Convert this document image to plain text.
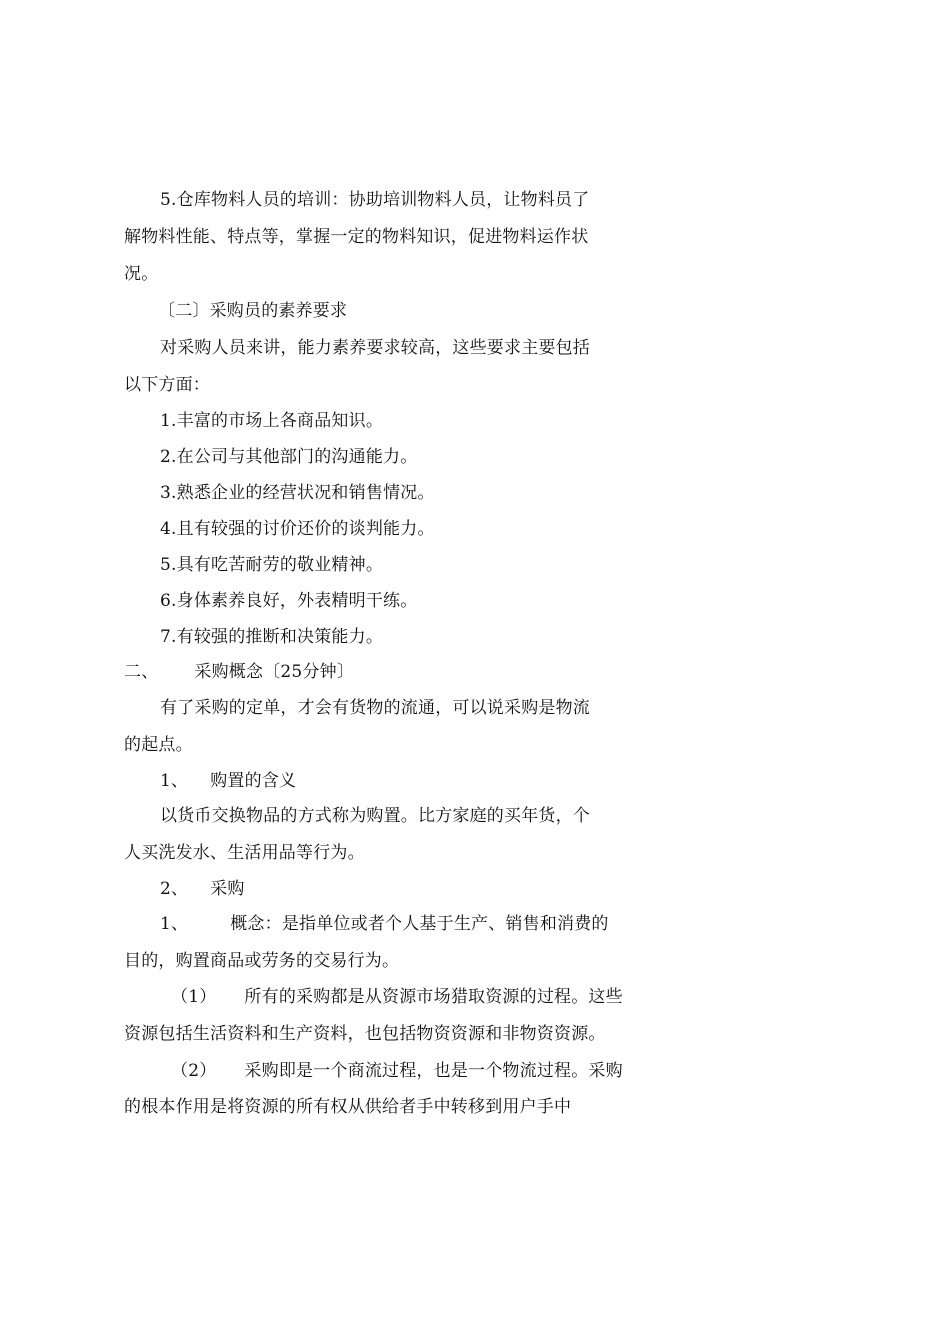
5.仓库物料人员的培训：协助培训物料人员，让物料员了
解物料性能、特点等，掌握一定的物料知识，促进物料运作状
况。
〔二〕采购员的素养要求
对采购人员来讲，能力素养要求较高，这些要求主要包括
以下方面：
1.丰富的市场上各商品知识。
2.在公司与其他部门的沟通能力。
3.熟悉企业的经营状况和销售情况。
4.且有较强的讨价还价的谈判能力。
5.具有吃苦耐劳的敬业精神。
6.身体素养良好，外表精明干练。
7.有较强的推断和决策能力。
二、 采购概念〔25分钟〕
有了采购的定单，才会有货物的流通，可以说采购是物流
的起点。
1、 购置的含义
以货币交换物品的方式称为购置。比方家庭的买年货，个
人买洗发水、生活用品等行为。
2、 采购
1、 概念：是指单位或者个人基于生产、销售和消费的
目的，购置商品或劳务的交易行为。
（1） 所有的采购都是从资源市场猎取资源的过程。这些
资源包括生活资料和生产资料，也包括物资资源和非物资资源。
（2） 采购即是一个商流过程，也是一个物流过程。采购
的根本作用是将资源的所有权从供给者手中转移到用户手中
